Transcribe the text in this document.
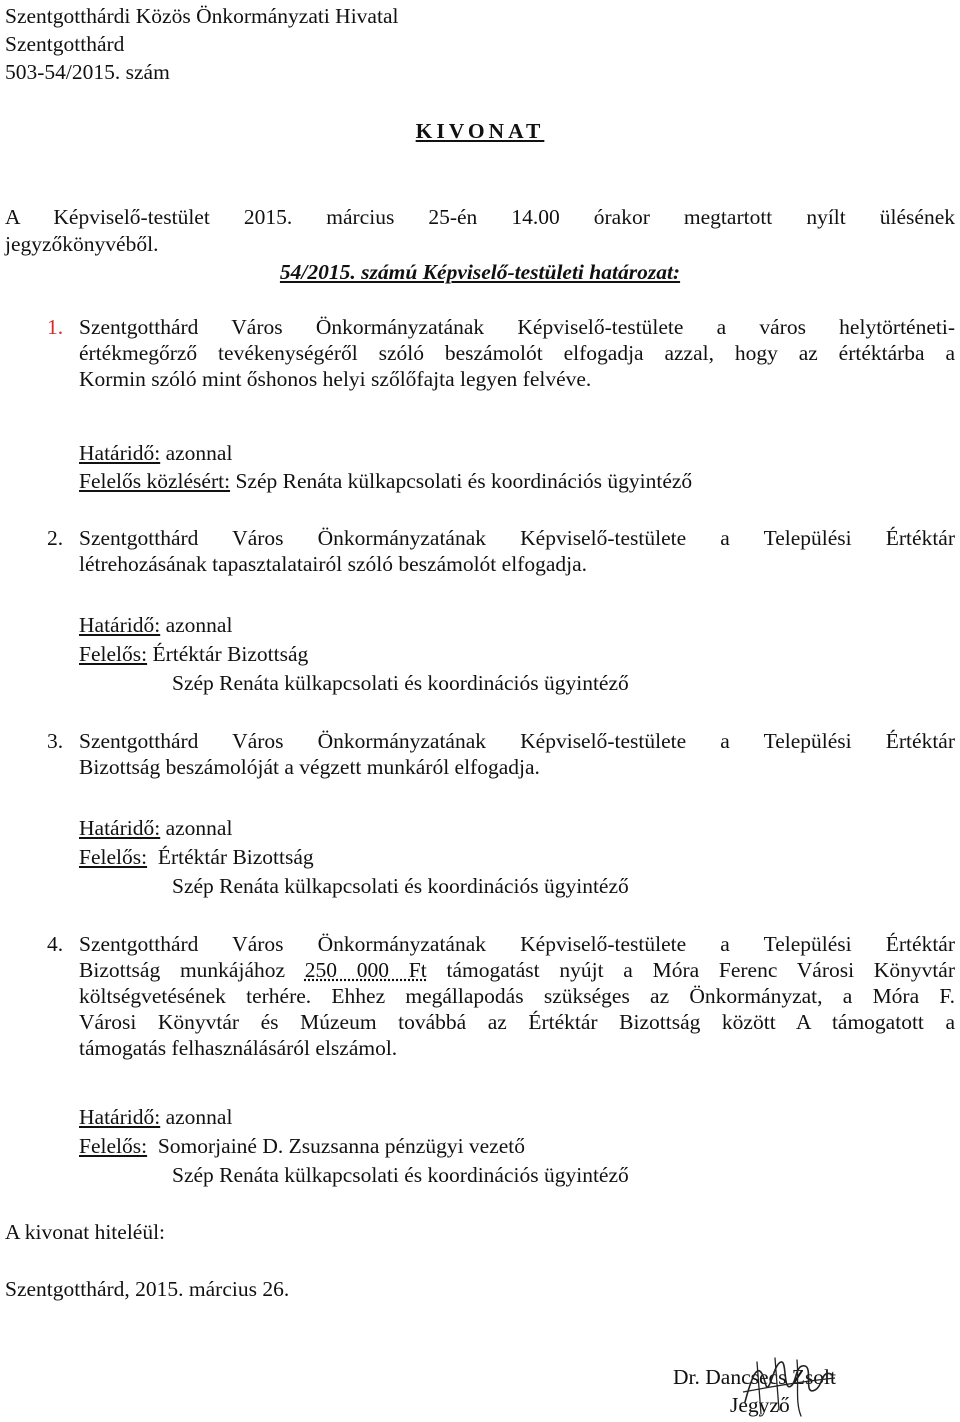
Szentgotthárdi Közös Önkormányzati Hivatal
Szentgotthárd
503-54/2015. szám
KIVONAT
A Képviselő-testület 2015. március 25-én 14.00 órakor megtartott nyílt ülésének
jegyzőkönyvéből.
54/2015. számú Képviselő-testületi határozat:
1. Szentgotthárd Város Önkormányzatának Képviselő-testülete a város helytörténeti-
értékmegőrző tevékenységéről szóló beszámolót elfogadja azzal, hogy az értéktárba a
Kormin szóló mint őshonos helyi szőlőfajta legyen felvéve.
Határidő: azonnal
Felelős közlésért: Szép Renáta külkapcsolati és koordinációs ügyintéző
2. Szentgotthárd Város Önkormányzatának Képviselő-testülete a Települési Értéktár
létrehozásának tapasztalatairól szóló beszámolót elfogadja.
Határidő: azonnal
Felelős: Értéktár Bizottság
Szép Renáta külkapcsolati és koordinációs ügyintéző
3. Szentgotthárd Város Önkormányzatának Képviselő-testülete a Települési Értéktár
Bizottság beszámolóját a végzett munkáról elfogadja.
Határidő: azonnal
Felelős: Értéktár Bizottság
Szép Renáta külkapcsolati és koordinációs ügyintéző
4. Szentgotthárd Város Önkormányzatának Képviselő-testülete a Települési Értéktár
Bizottság munkájához 250 000 Ft támogatást nyújt a Móra Ferenc Városi Könyvtár
költségvetésének terhére. Ehhez megállapodás szükséges az Önkormányzat, a Móra F.
Városi Könyvtár és Múzeum továbbá az Értéktár Bizottság között A támogatott a
támogatás felhasználásáról elszámol.
Határidő: azonnal
Felelős: Somorjainé D. Zsuzsanna pénzügyi vezető
Szép Renáta külkapcsolati és koordinációs ügyintéző
A kivonat hiteléül:
Szentgotthárd, 2015. március 26.
Dr. Dancsecs Zsolt
Jegyző
